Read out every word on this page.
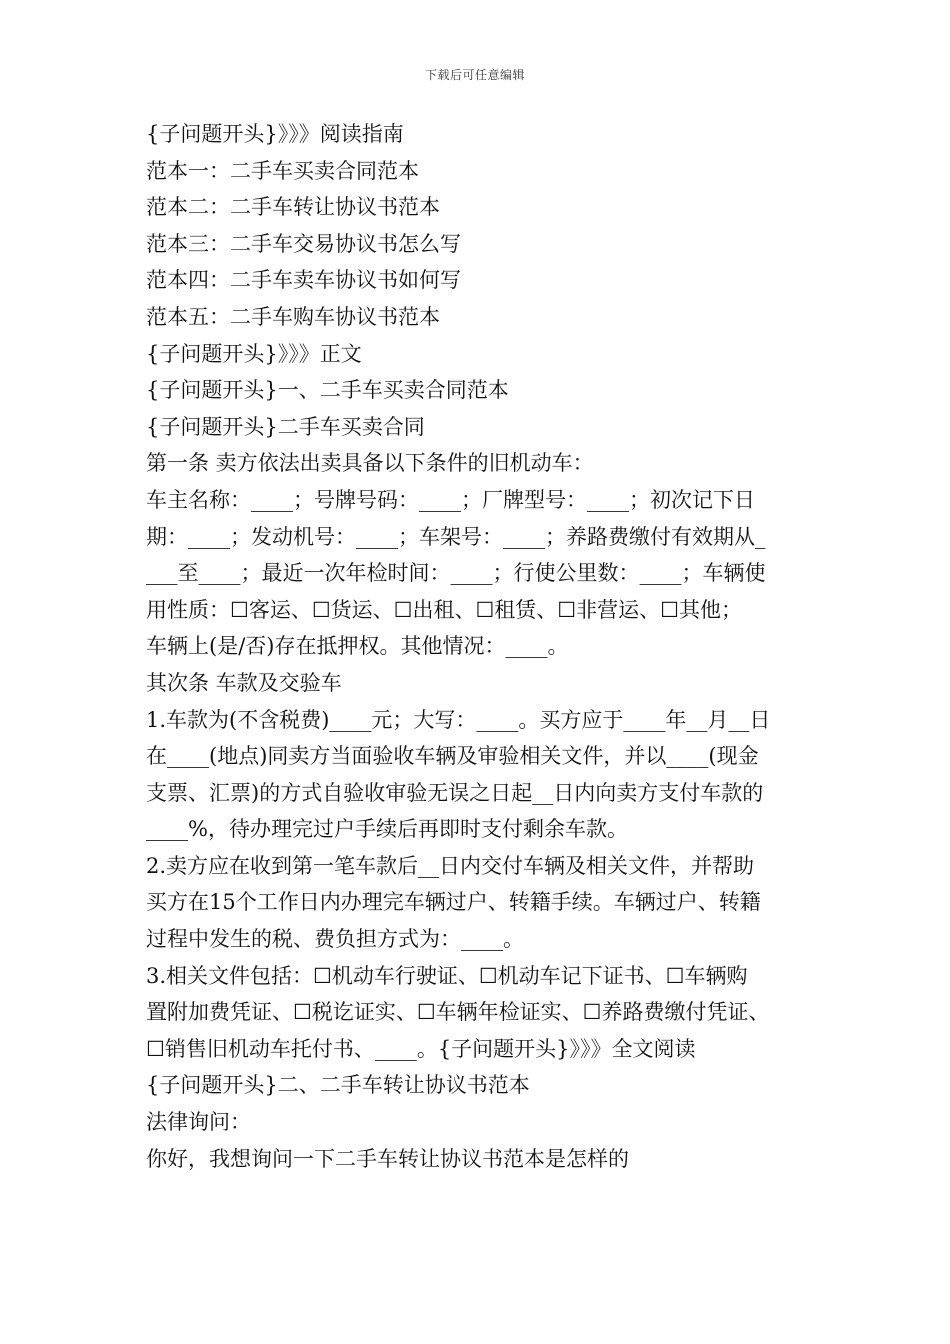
下载后可任意编辑
{子问题开头}》》》阅读指南
范本一：二手车买卖合同范本
范本二：二手车转让协议书范本
范本三：二手车交易协议书怎么写
范本四：二手车卖车协议书如何写
范本五：二手车购车协议书范本
{子问题开头}》》》正文
{子问题开头}一、二手车买卖合同范本
{子问题开头}二手车买卖合同
第一条 卖方依法出卖具备以下条件的旧机动车：
车主名称：____；号牌号码：____；厂牌型号：____；初次记下日
期：____；发动机号：____；车架号：____；养路费缴付有效期从_
___至____；最近一次年检时间：____；行使公里数：____；车辆使
用性质：☐客运、☐货运、☐出租、☐租赁、☐非营运、☐其他；
车辆上(是/否)存在抵押权。其他情况：____。
其次条 车款及交验车
1.车款为(不含税费)____元；大写：____。买方应于____年__月__日
在____(地点)同卖方当面验收车辆及审验相关文件，并以____(现金
支票、汇票)的方式自验收审验无误之日起__日内向卖方支付车款的
____%，待办理完过户手续后再即时支付剩余车款。
2.卖方应在收到第一笔车款后__日内交付车辆及相关文件，并帮助
买方在15个工作日内办理完车辆过户、转籍手续。车辆过户、转籍
过程中发生的税、费负担方式为：____。
3.相关文件包括：☐机动车行驶证、☐机动车记下证书、☐车辆购
置附加费凭证、☐税讫证实、☐车辆年检证实、☐养路费缴付凭证、
☐销售旧机动车托付书、____。{子问题开头}》》》全文阅读
{子问题开头}二、二手车转让协议书范本
法律询问：
你好，我想询问一下二手车转让协议书范本是怎样的
